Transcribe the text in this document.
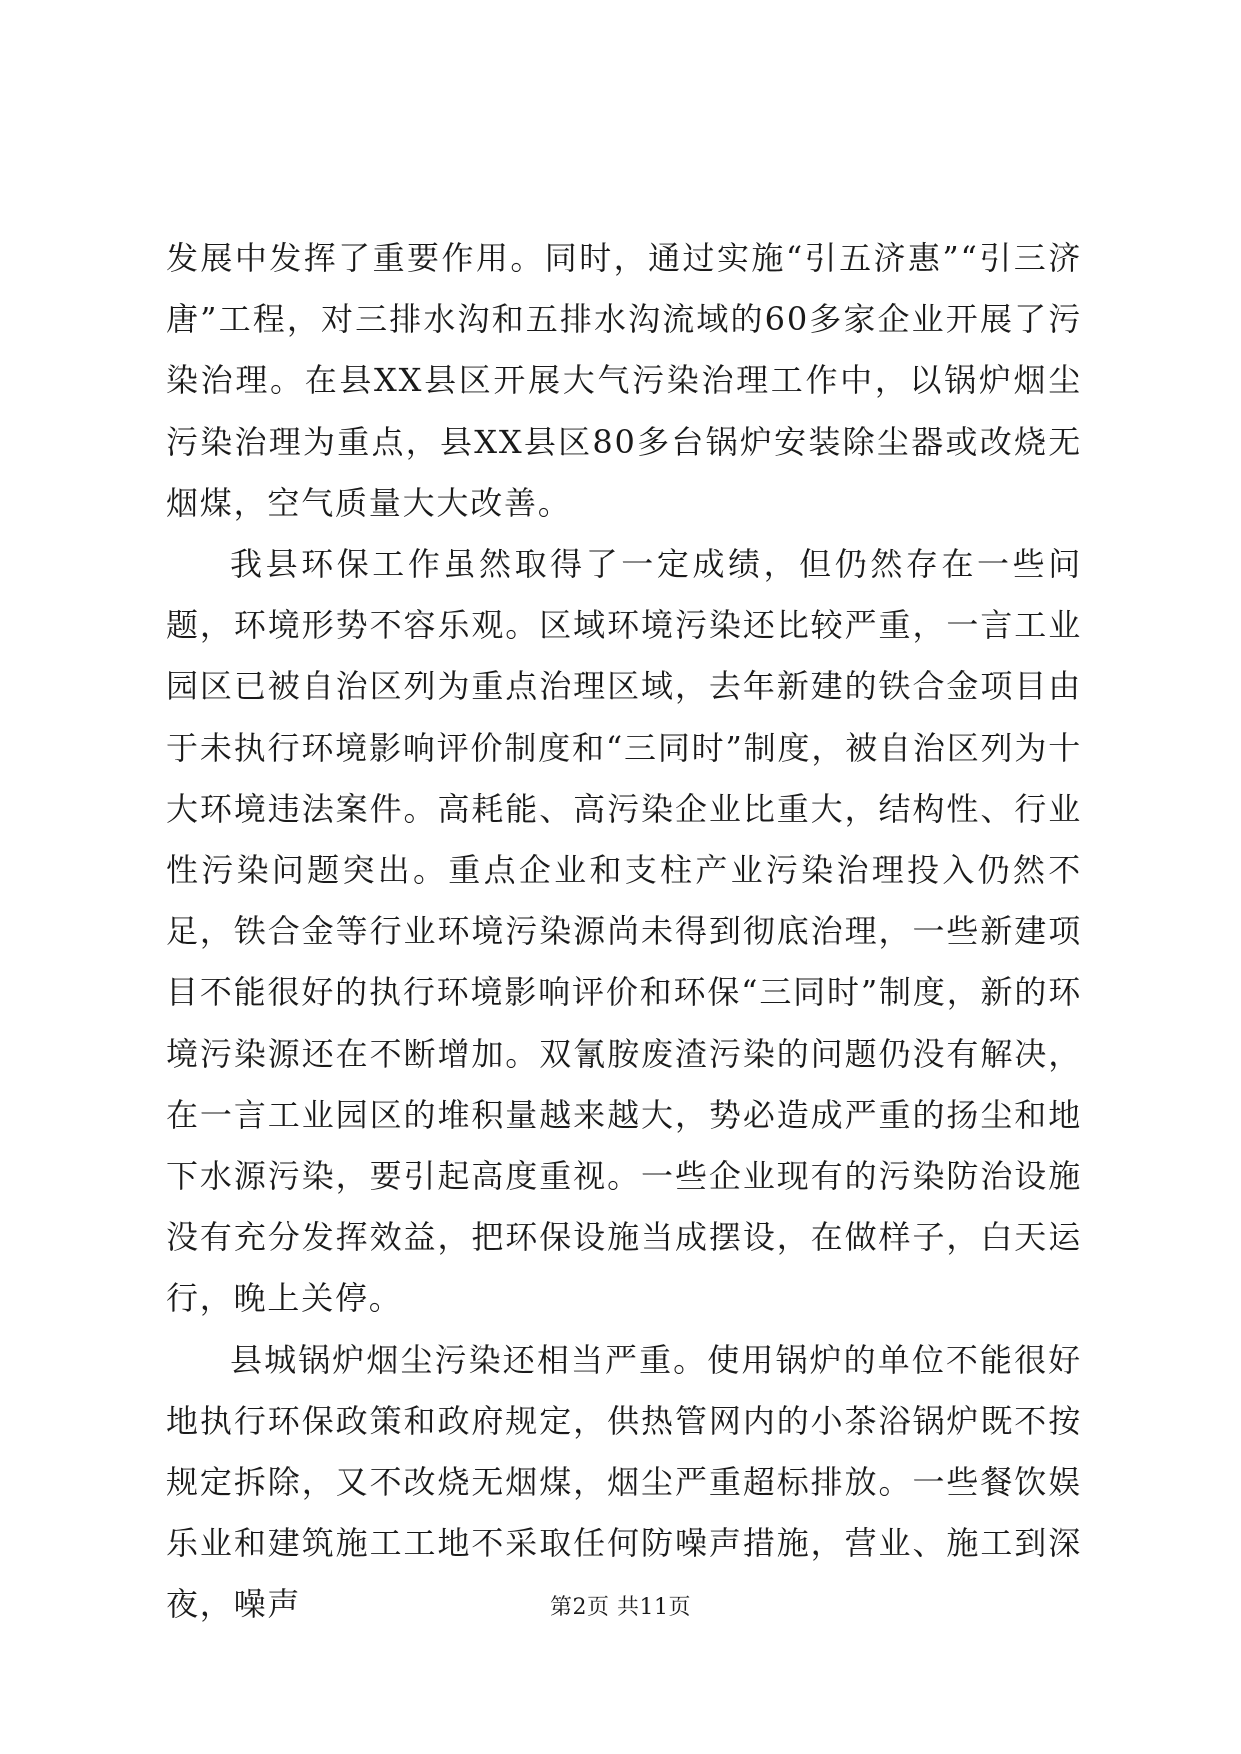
发展中发挥了重要作用。同时，通过实施“引五济惠”“引三济唐”工程，对三排水沟和五排水沟流域的60多家企业开展了污染治理。在县XX县区开展大气污染治理工作中，以锅炉烟尘污染治理为重点，县XX县区80多台锅炉安装除尘器或改烧无烟煤，空气质量大大改善。

我县环保工作虽然取得了一定成绩，但仍然存在一些问题，环境形势不容乐观。区域环境污染还比较严重，一言工业园区已被自治区列为重点治理区域，去年新建的铁合金项目由于未执行环境影响评价制度和“三同时”制度，被自治区列为十大环境违法案件。高耗能、高污染企业比重大，结构性、行业性污染问题突出。重点企业和支柱产业污染治理投入仍然不足，铁合金等行业环境污染源尚未得到彻底治理，一些新建项目不能很好的执行环境影响评价和环保“三同时”制度，新的环境污染源还在不断增加。双氰胺废渣污染的问题仍没有解决，在一言工业园区的堆积量越来越大，势必造成严重的扬尘和地下水源污染，要引起高度重视。一些企业现有的污染防治设施没有充分发挥效益，把环保设施当成摆设，在做样子，白天运行，晚上关停。

县城锅炉烟尘污染还相当严重。使用锅炉的单位不能很好地执行环保政策和政府规定，供热管网内的小茶浴锅炉既不按规定拆除，又不改烧无烟煤，烟尘严重超标排放。一些餐饮娱乐业和建筑施工工地不采取任何防噪声措施，营业、施工到深夜，噪声	第2页 共11页
